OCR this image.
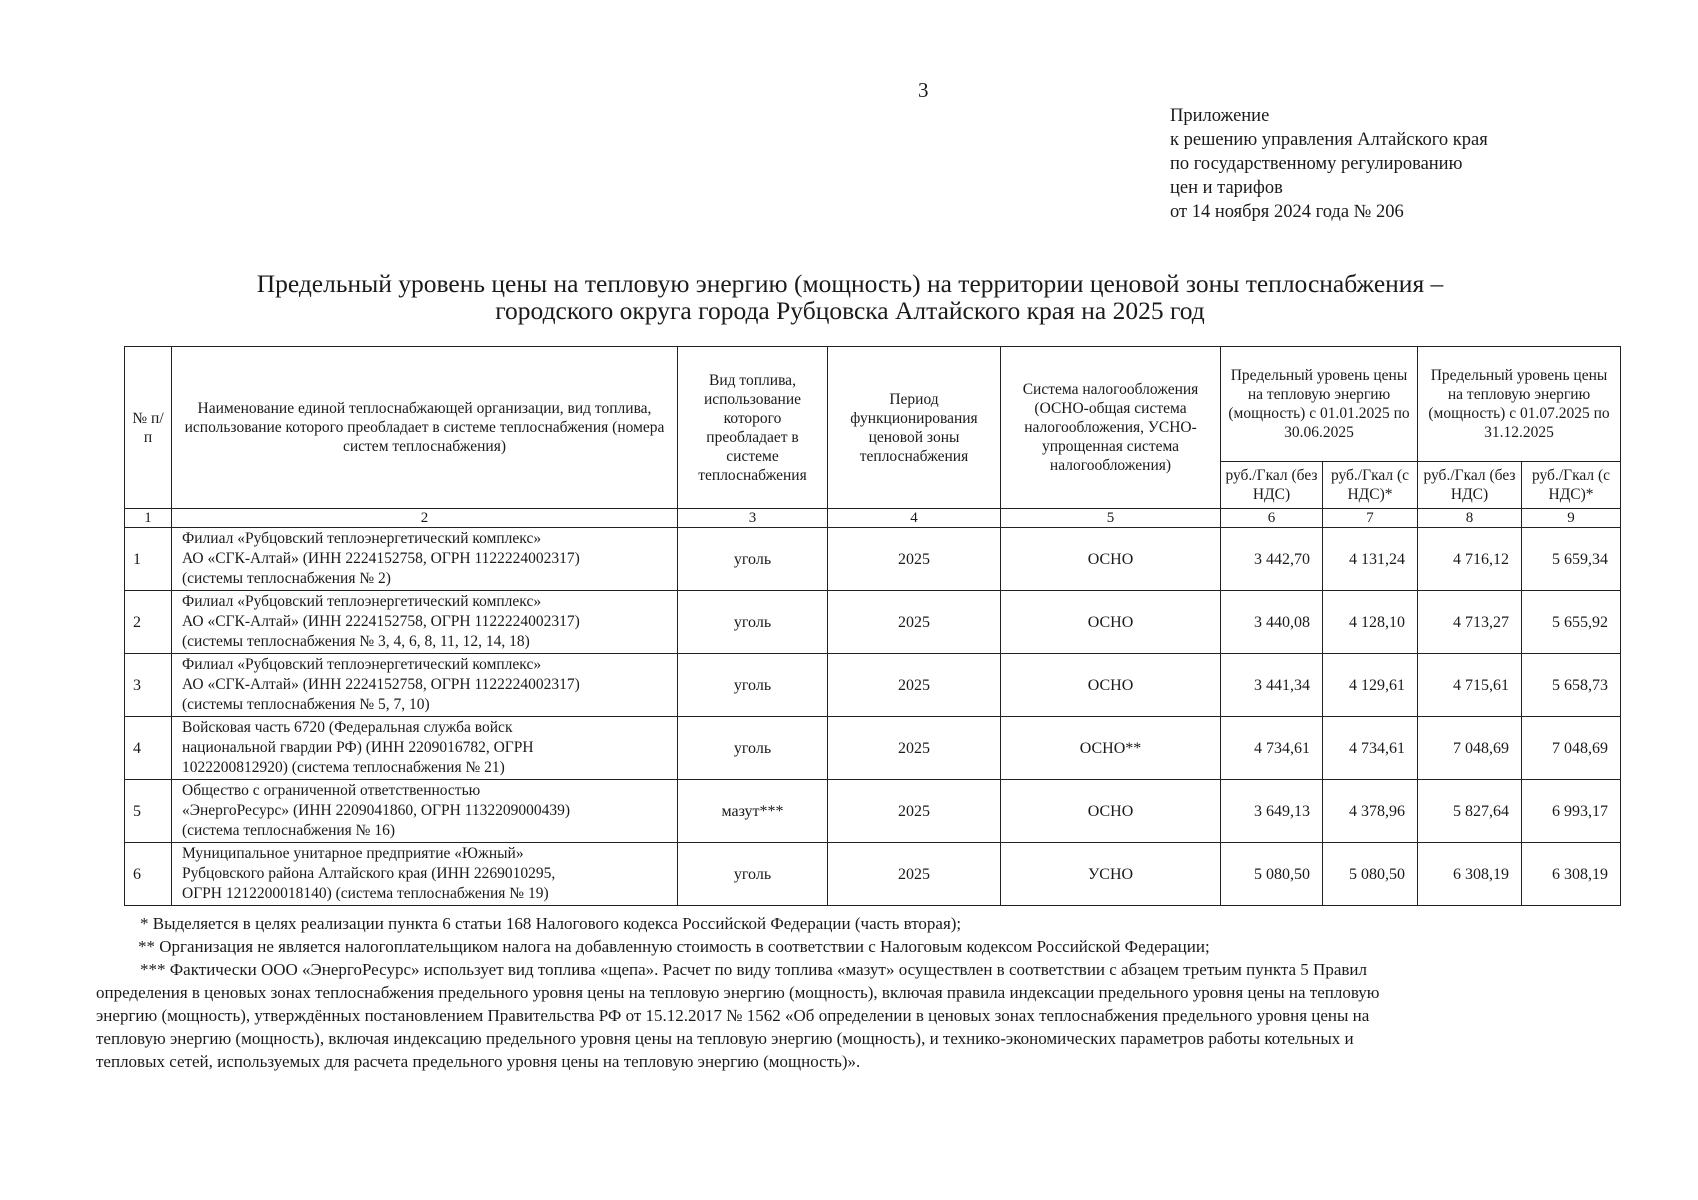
3
Приложение
к решению управления Алтайского края
по государственному регулированию
цен и тарифов
от 14 ноября 2024 года № 206
Предельный уровень цены на тепловую энергию (мощность) на территории ценовой зоны теплоснабжения –
городского округа города Рубцовска Алтайского края на 2025 год
№ п/п	Наименование единой теплоснабжающей организации, вид топлива, использование которого преобладает в системе теплоснабжения (номера систем теплоснабжения)	Вид топлива, использование которого преобладает в системе теплоснабжения	Период функционирования ценовой зоны теплоснабжения	Система налогообложения (ОСНО-общая система налогообложения, УСНО-упрощенная система налогообложения)	Предельный уровень цены на тепловую энергию (мощность) с 01.01.2025 по 30.06.2025		Предельный уровень цены на тепловую энергию (мощность) с 01.07.2025 по 31.12.2025	
					руб./Гкал (без НДС)	руб./Гкал (с НДС)*	руб./Гкал (без НДС)	руб./Гкал (с НДС)*
1	2	3	4	5	6	7	8	9
1	Филиал «Рубцовский теплоэнергетический комплекс»
АО «СГК-Алтай» (ИНН 2224152758, ОГРН 1122224002317)
(системы теплоснабжения № 2)	уголь	2025	ОСНО	3 442,70	4 131,24	4 716,12	5 659,34
2	Филиал «Рубцовский теплоэнергетический комплекс»
АО «СГК-Алтай» (ИНН 2224152758, ОГРН 1122224002317)
(системы теплоснабжения № 3, 4, 6, 8, 11, 12, 14, 18)	уголь	2025	ОСНО	3 440,08	4 128,10	4 713,27	5 655,92
3	Филиал «Рубцовский теплоэнергетический комплекс»
АО «СГК-Алтай» (ИНН 2224152758, ОГРН 1122224002317)
(системы теплоснабжения № 5, 7, 10)	уголь	2025	ОСНО	3 441,34	4 129,61	4 715,61	5 658,73
4	Войсковая часть 6720 (Федеральная служба войск
национальной гвардии РФ) (ИНН 2209016782, ОГРН
1022200812920) (система теплоснабжения № 21)	уголь	2025	ОСНО**	4 734,61	4 734,61	7 048,69	7 048,69
5	Общество с ограниченной ответственностью
«ЭнергоРесурс» (ИНН 2209041860, ОГРН 1132209000439)
(система теплоснабжения № 16)	мазут***	2025	ОСНО	3 649,13	4 378,96	5 827,64	6 993,17
6	Муниципальное унитарное предприятие «Южный»
Рубцовского района Алтайского края (ИНН 2269010295,
ОГРН 1212200018140) (система теплоснабжения № 19)	уголь	2025	УСНО	5 080,50	5 080,50	6 308,19	6 308,19
* Выделяется в целях реализации пункта 6 статьи 168 Налогового кодекса Российской Федерации (часть вторая);
** Организация не является налогоплательщиком налога на добавленную стоимость в соответствии с Налоговым кодексом Российской Федерации;
*** Фактически ООО «ЭнергоРесурс» использует вид топлива «щепа». Расчет по виду топлива «мазут» осуществлен в соответствии с абзацем третьим пункта 5 Правил
определения в ценовых зонах теплоснабжения предельного уровня цены на тепловую энергию (мощность), включая правила индексации предельного уровня цены на тепловую
энергию (мощность), утверждённых постановлением Правительства РФ от 15.12.2017 № 1562 «Об определении в ценовых зонах теплоснабжения предельного уровня цены на
тепловую энергию (мощность), включая индексацию предельного уровня цены на тепловую энергию (мощность), и технико-экономических параметров работы котельных и
тепловых сетей, используемых для расчета предельного уровня цены на тепловую энергию (мощность)».
